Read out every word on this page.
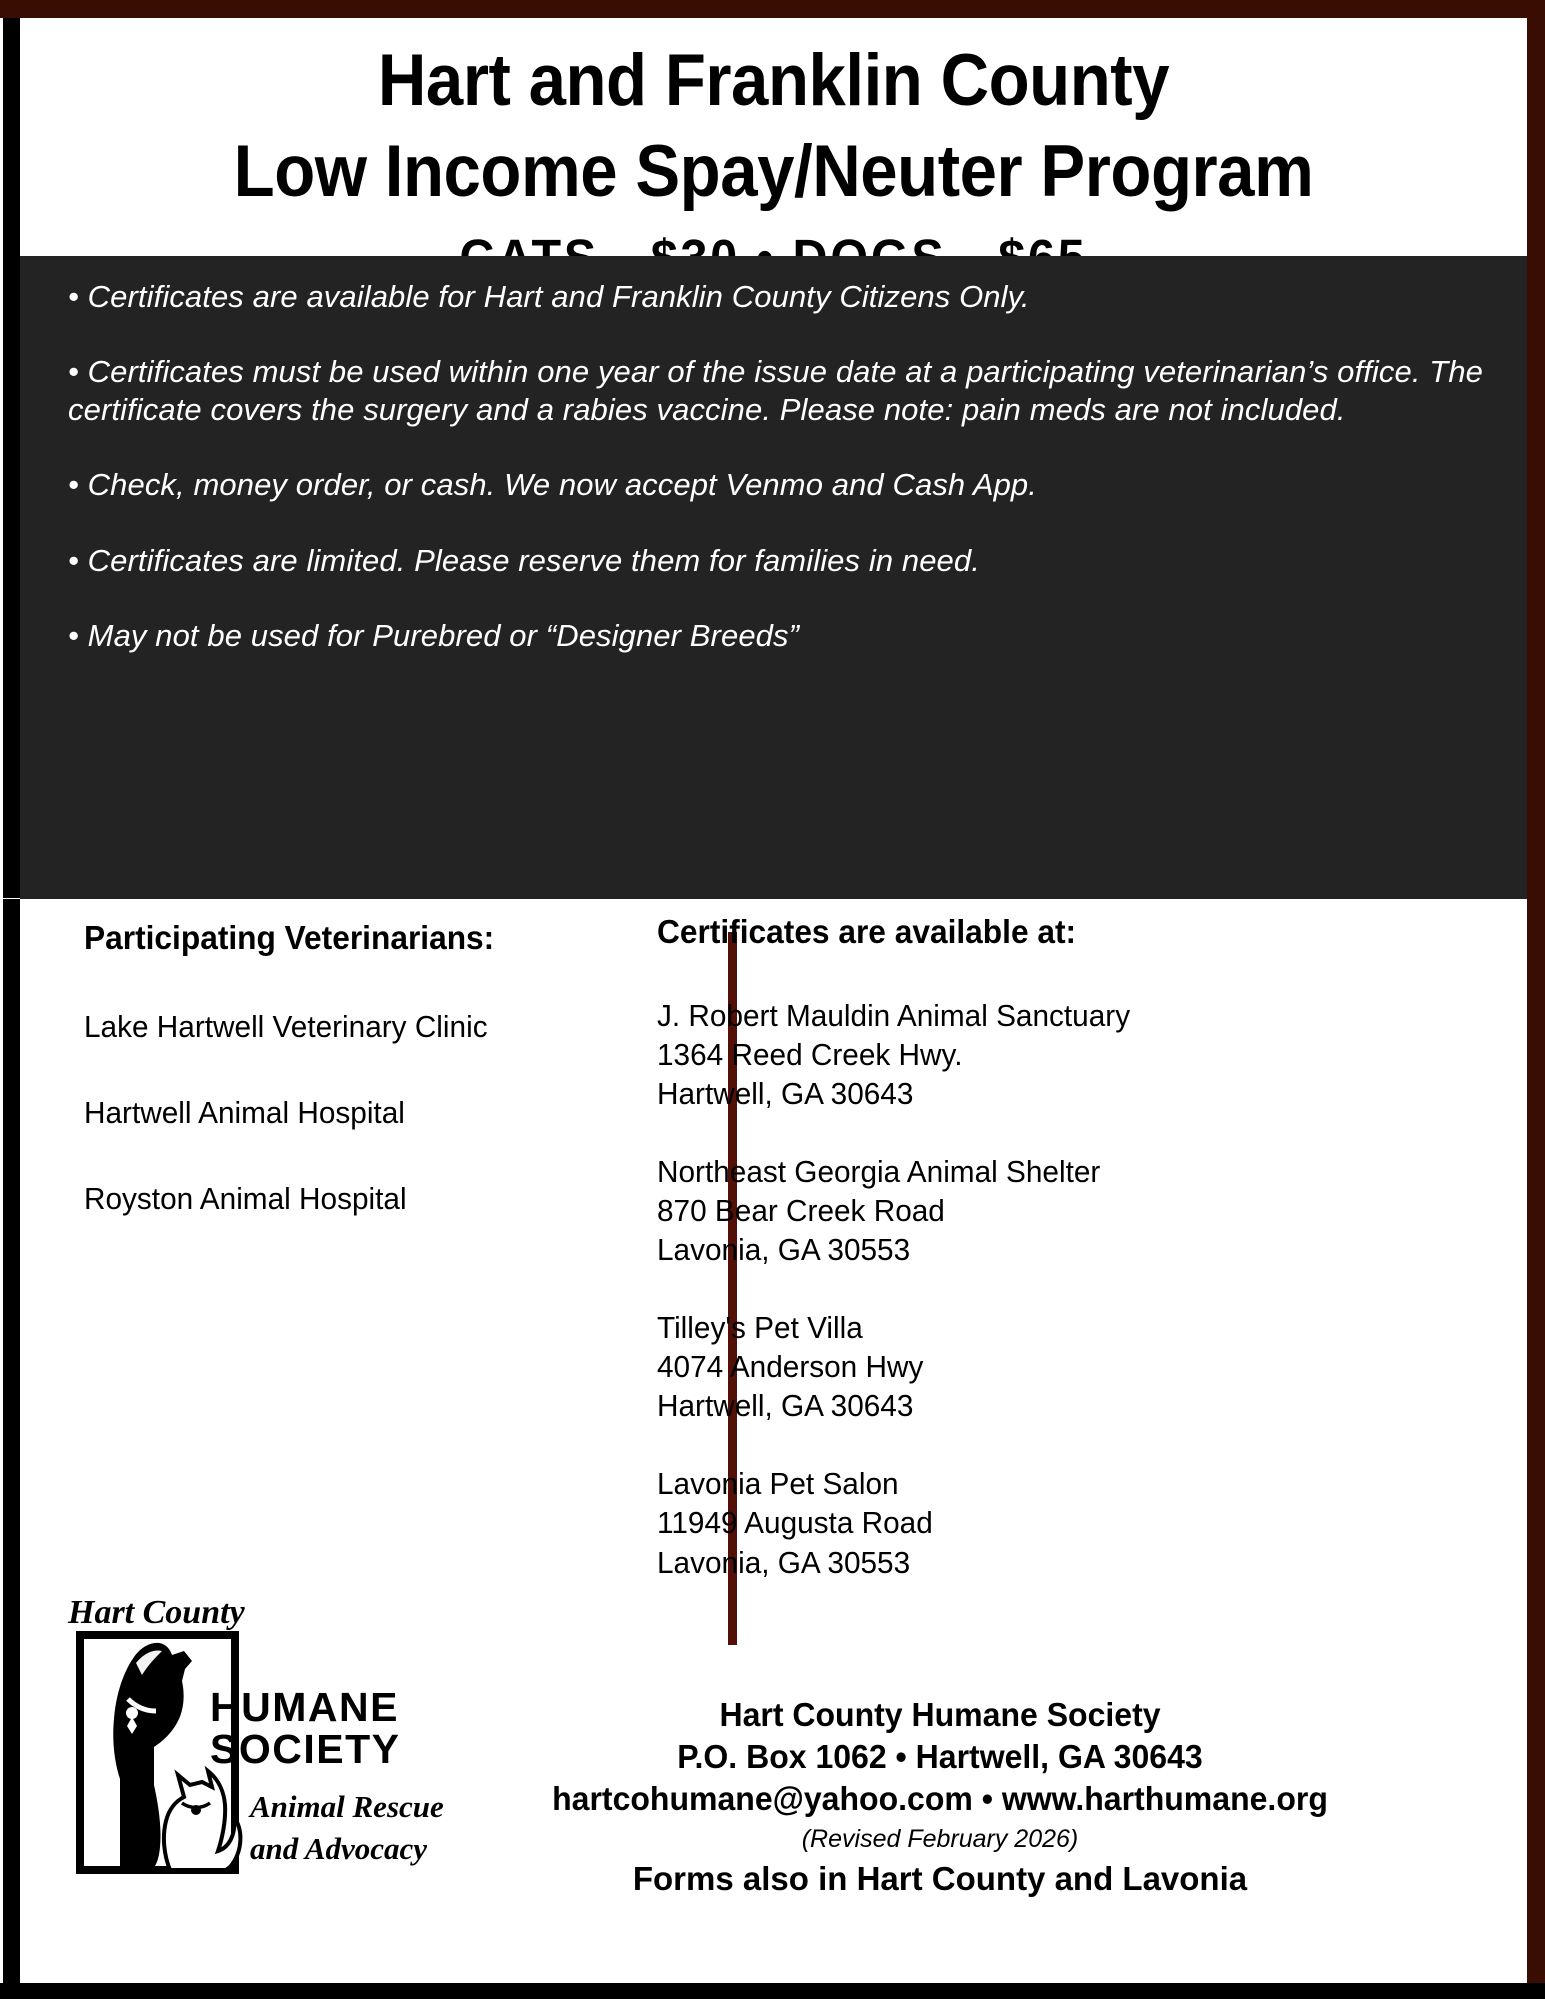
Hart and Franklin County
Low Income Spay/Neuter Program
• Certificates are available for Hart and Franklin County Citizens Only.
• Certificates must be used within one year of the issue date at a participating veterinarian’s office. The certificate covers the surgery and a rabies vaccine. Please note: pain meds are not included.
• Check, money order, or cash. We now accept Venmo and Cash App.
• Certificates are limited. Please reserve them for families in need.
• May not be used for Purebred or “Designer Breeds”
Participating Veterinarians:
Lake Hartwell Veterinary Clinic
Hartwell Animal Hospital
Royston Animal Hospital
Certificates are available at:
J. Robert Mauldin Animal Sanctuary
1364 Reed Creek Hwy.
Hartwell, GA 30643
Northeast Georgia Animal Shelter
870 Bear Creek Road
Lavonia, GA 30553
Tilley's Pet Villa
4074 Anderson Hwy
Hartwell, GA 30643
Lavonia Pet Salon
11949 Augusta Road
Lavonia, GA 30553
Hart County
HUMANE
SOCIETY
Animal Rescue
and Advocacy
Hart County Humane Society
P.O. Box 1062 • Hartwell, GA 30643
hartcohumane@yahoo.com • www.harthumane.org
(Revised February 2026)
Forms also in Hart County and Lavonia
